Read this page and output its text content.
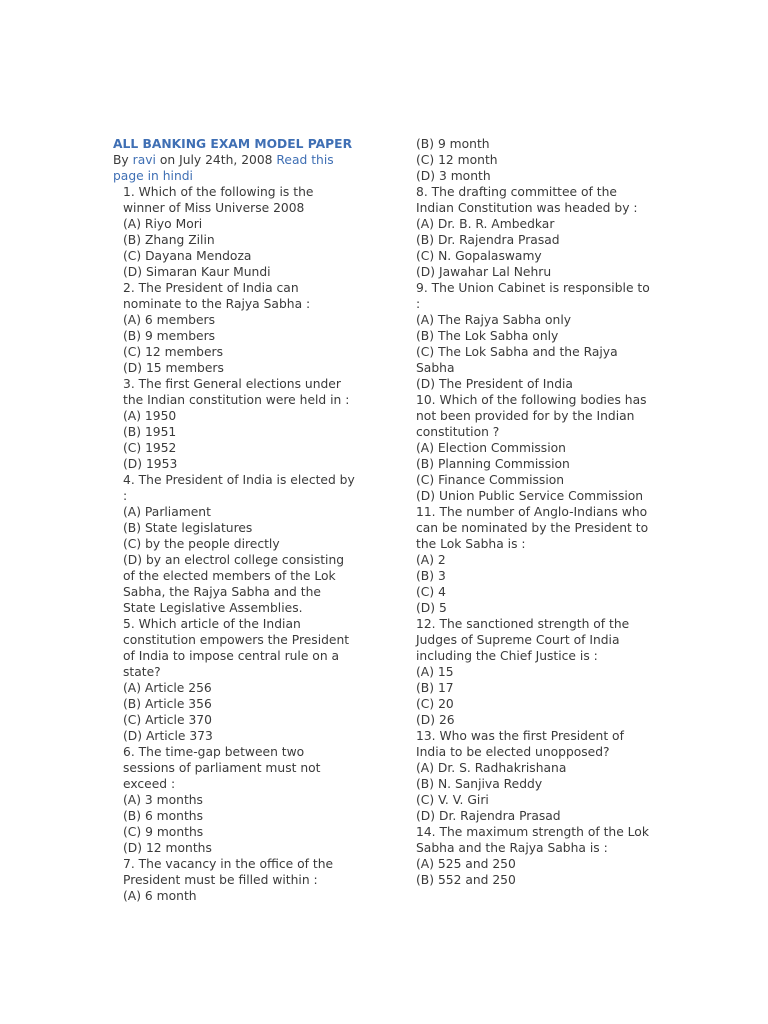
ALL BANKING EXAM MODEL PAPER

By ravi on July 24th, 2008 Read this

page in hindi

1. Which of the following is the
winner of Miss Universe 2008
(A) Riyo Mori
(B) Zhang Zilin
(C) Dayana Mendoza
(D) Simaran Kaur Mundi
2. The President of India can
nominate to the Rajya Sabha :
(A) 6 members
(B) 9 members
(C) 12 members
(D) 15 members
3. The first General elections under
the Indian constitution were held in :
(A) 1950
(B) 1951
(C) 1952
(D) 1953
4. The President of India is elected by
:
(A) Parliament
(B) State legislatures
(C) by the people directly
(D) by an electrol college consisting
of the elected members of the Lok
Sabha, the Rajya Sabha and the
State Legislative Assemblies.
5. Which article of the Indian
constitution empowers the President
of India to impose central rule on a
state?
(A) Article 256
(B) Article 356
(C) Article 370
(D) Article 373
6. The time-gap between two
sessions of parliament must not
exceed :
(A) 3 months
(B) 6 months
(C) 9 months
(D) 12 months
7. The vacancy in the office of the
President must be filled within :
(A) 6 month
(B) 9 month
(C) 12 month
(D) 3 month
8. The drafting committee of the
Indian Constitution was headed by :
(A) Dr. B. R. Ambedkar
(B) Dr. Rajendra Prasad
(C) N. Gopalaswamy
(D) Jawahar Lal Nehru
9. The Union Cabinet is responsible to
:
(A) The Rajya Sabha only
(B) The Lok Sabha only
(C) The Lok Sabha and the Rajya
Sabha
(D) The President of India
10. Which of the following bodies has
not been provided for by the Indian
constitution ?
(A) Election Commission
(B) Planning Commission
(C) Finance Commission
(D) Union Public Service Commission
11. The number of Anglo-Indians who
can be nominated by the President to
the Lok Sabha is :
(A) 2
(B) 3
(C) 4
(D) 5
12. The sanctioned strength of the
Judges of Supreme Court of India
including the Chief Justice is :
(A) 15
(B) 17
(C) 20
(D) 26
13. Who was the first President of
India to be elected unopposed?
(A) Dr. S. Radhakrishana
(B) N. Sanjiva Reddy
(C) V. V. Giri
(D) Dr. Rajendra Prasad
14. The maximum strength of the Lok
Sabha and the Rajya Sabha is :
(A) 525 and 250
(B) 552 and 250
